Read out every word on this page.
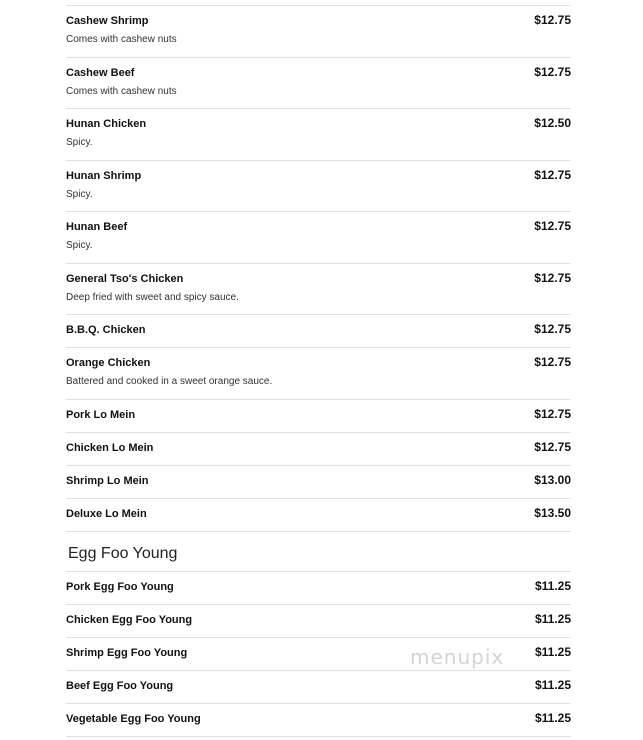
Cashew Shrimp	$12.75
Comes with cashew nuts
Cashew Beef	$12.75
Comes with cashew nuts
Hunan Chicken	$12.50
Spicy.
Hunan Shrimp	$12.75
Spicy.
Hunan Beef	$12.75
Spicy.
General Tso's Chicken	$12.75
Deep fried with sweet and spicy sauce.
B.B.Q. Chicken	$12.75
Orange Chicken	$12.75
Battered and cooked in a sweet orange sauce.
Pork Lo Mein	$12.75
Chicken Lo Mein	$12.75
Shrimp Lo Mein	$13.00
Deluxe Lo Mein	$13.50
Egg Foo Young
Pork Egg Foo Young	$11.25
Chicken Egg Foo Young	$11.25
Shrimp Egg Foo Young	$11.25
Beef Egg Foo Young	$11.25
Vegetable Egg Foo Young	$11.25
menupix
